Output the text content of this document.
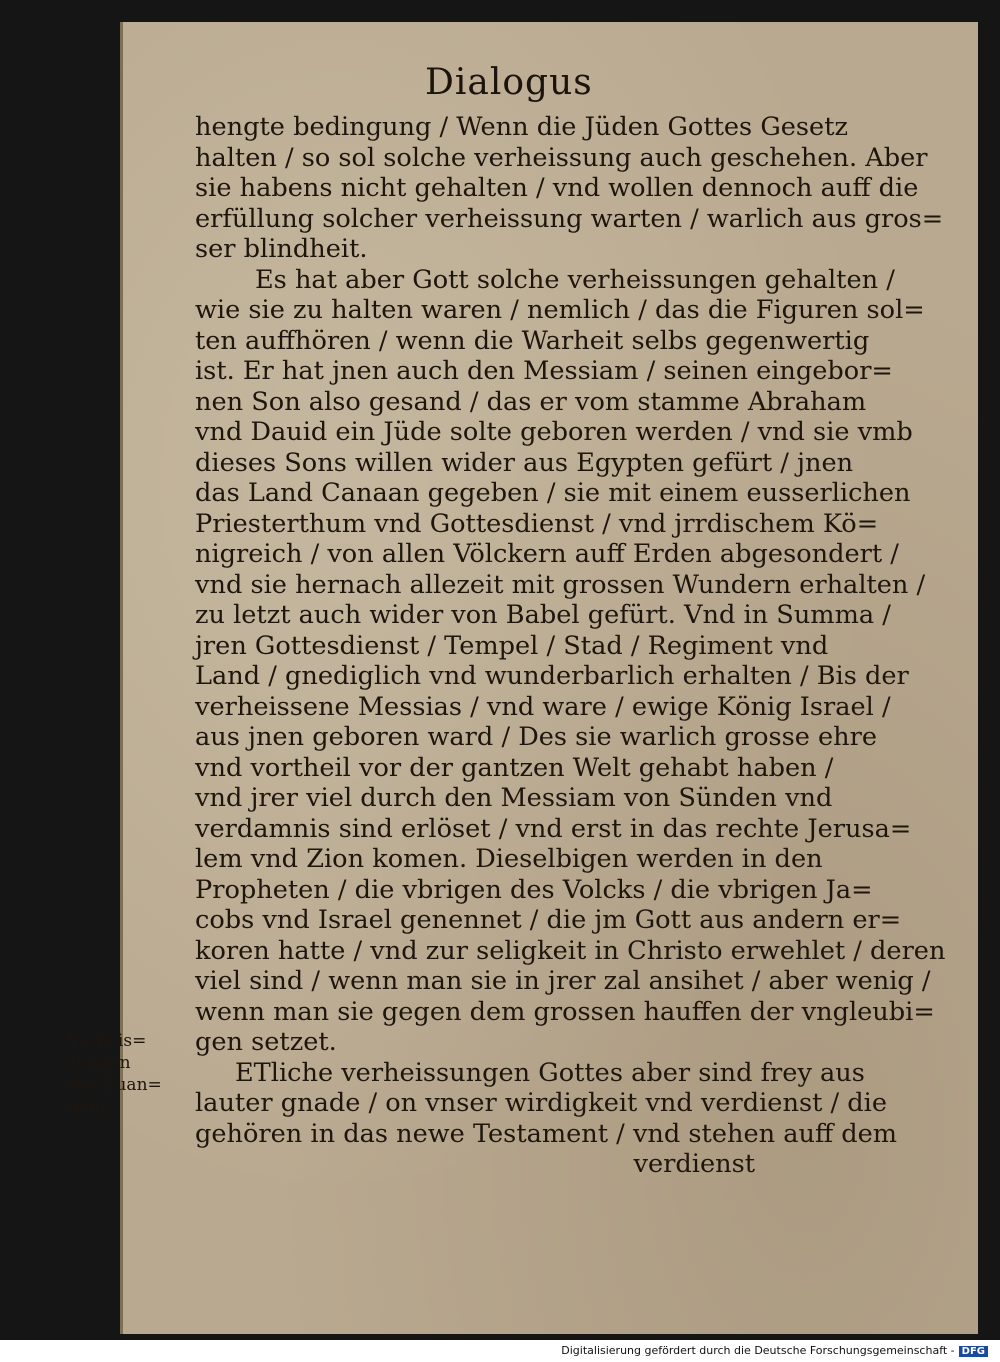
Dialogus
hengte bedingung / Wenn die Jüden Gottes Gesetz
halten / so sol solche verheissung auch geschehen. Aber
sie habens nicht gehalten / vnd wollen dennoch auff die
erfüllung solcher verheissung warten / warlich aus gros=
ser blindheit.
Es hat aber Gott solche verheissungen gehalten /
wie sie zu halten waren / nemlich / das die Figuren sol=
ten auffhören / wenn die Warheit selbs gegenwertig
ist. Er hat jnen auch den Messiam / seinen eingebor=
nen Son also gesand / das er vom stamme Abraham
vnd Dauid ein Jüde solte geboren werden / vnd sie vmb
dieses Sons willen wider aus Egypten gefürt / jnen
das Land Canaan gegeben / sie mit einem eusserlichen
Priesterthum vnd Gottesdienst / vnd jrrdischem Kö=
nigreich / von allen Völckern auff Erden abgesondert /
vnd sie hernach allezeit mit grossen Wundern erhalten /
zu letzt auch wider von Babel gefürt. Vnd in Summa /
jren Gottesdienst / Tempel / Stad / Regiment vnd
Land / gnediglich vnd wunderbarlich erhalten / Bis der
verheissene Messias / vnd ware / ewige König Israel /
aus jnen geboren ward / Des sie warlich grosse ehre
vnd vortheil vor der gantzen Welt gehabt haben /
vnd jrer viel durch den Messiam von Sünden vnd
verdamnis sind erlöset / vnd erst in das rechte Jerusa=
lem vnd Zion komen. Dieselbigen werden in den
Propheten / die vbrigen des Volcks / die vbrigen Ja=
cobs vnd Israel genennet / die jm Gott aus andern er=
koren hatte / vnd zur seligkeit in Christo erwehlet / deren
viel sind / wenn man sie in jrer zal ansihet / aber wenig /
wenn man sie gegen dem grossen hauffen der vngleubi=
gen setzet.
ETliche verheissungen Gottes aber sind frey aus
lauter gnade / on vnser wirdigkeit vnd verdienst / die
gehören in das newe Testament / vnd stehen auff dem
verdienst
Verheis=
sungen
des Euan=
gelij.
Digitalisierung gefördert durch die Deutsche Forschungsgemeinschaft - DFG
